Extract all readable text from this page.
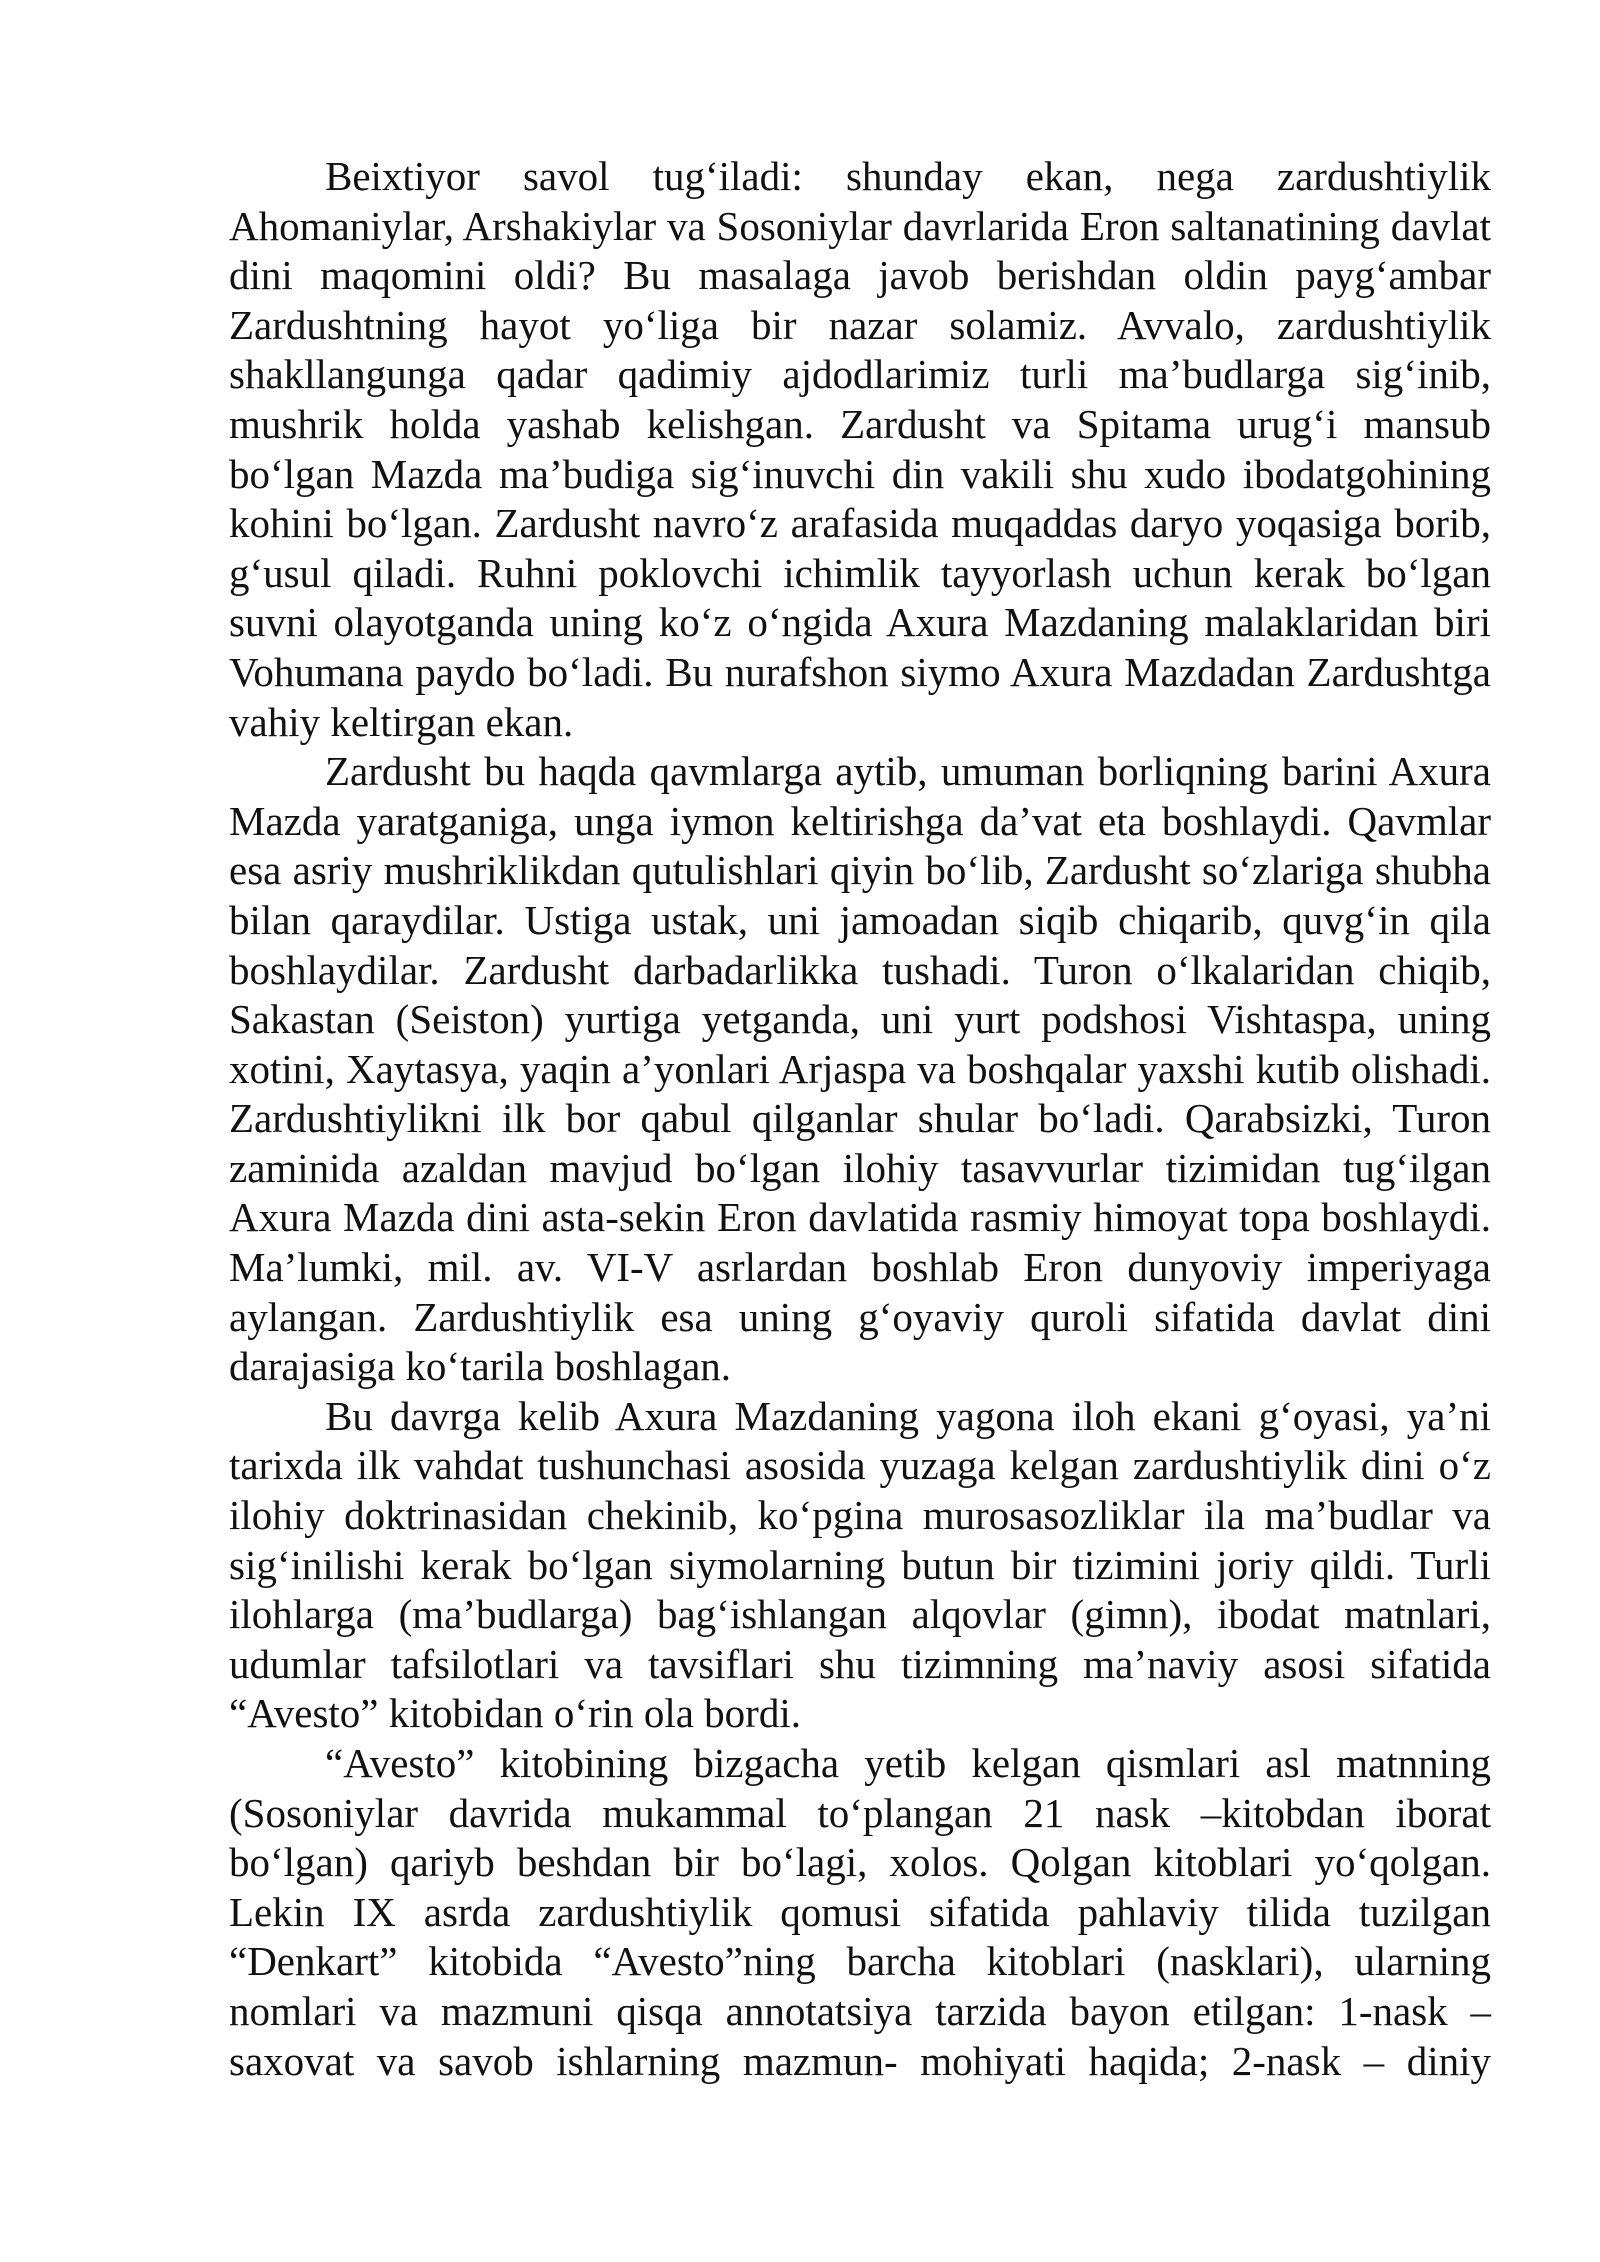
Beixtiyor savol tug‘iladi: shunday ekan, nega zardushtiylik Ahomaniylar, Arshakiylar va Sosoniylar davrlarida Eron saltanatining davlat dini maqomini oldi? Bu masalaga javob berishdan oldin payg‘ambar Zardushtning hayot yo‘liga bir nazar solamiz. Avvalo, zardushtiylik shakllangunga qadar qadimiy ajdodlarimiz turli ma’budlarga sig‘inib, mushrik holda yashab kelishgan. Zardusht va Spitama urug‘i mansub bo‘lgan Mazda ma’budiga sig‘inuvchi din vakili shu xudo ibodatgohining kohini bo‘lgan. Zardusht navro‘z arafasida muqaddas daryo yoqasiga borib, g‘usul qiladi. Ruhni poklovchi ichimlik tayyorlash uchun kerak bo‘lgan suvni olayotganda uning ko‘z o‘ngida Axura Mazdaning malaklaridan biri Vohumana paydo bo‘ladi. Bu nurafshon siymo Axura Mazdadan Zardushtga vahiy keltirgan ekan.

Zardusht bu haqda qavmlarga aytib, umuman borliqning barini Axura Mazda yaratganiga, unga iymon keltirishga da’vat eta boshlaydi. Qavmlar esa asriy mushriklikdan qutulishlari qiyin bo‘lib, Zardusht so‘zlariga shubha bilan qaraydilar. Ustiga ustak, uni jamoadan siqib chiqarib, quvg‘in qila boshlaydilar. Zardusht darbadarlikka tushadi. Turon o‘lkalaridan chiqib, Sakastan (Seiston) yurtiga yetganda, uni yurt podshosi Vishtaspa, uning xotini, Xaytasya, yaqin a’yonlari Arjaspa va boshqalar yaxshi kutib olishadi. Zardushtiylikni ilk bor qabul qilganlar shular bo‘ladi. Qarabsizki, Turon zaminida azaldan mavjud bo‘lgan ilohiy tasavvurlar tizimidan tug‘ilgan Axura Mazda dini asta-sekin Eron davlatida rasmiy himoyat topa boshlaydi. Ma’lumki, mil. av. VI-V asrlardan boshlab Eron dunyoviy imperiyaga aylangan. Zardushtiylik esa uning g‘oyaviy quroli sifatida davlat dini darajasiga ko‘tarila boshlagan.

Bu davrga kelib Axura Mazdaning yagona iloh ekani g‘oyasi, ya’ni tarixda ilk vahdat tushunchasi asosida yuzaga kelgan zardushtiylik dini o‘z ilohiy doktrinasidan chekinib, ko‘pgina murosasozliklar ila ma’budlar va sig‘inilishi kerak bo‘lgan siymolarning butun bir tizimini joriy qildi. Turli ilohlarga (ma’budlarga) bag‘ishlangan alqovlar (gimn), ibodat matnlari, udumlar tafsilotlari va tavsiflari shu tizimning ma’naviy asosi sifatida “Avesto” kitobidan o‘rin ola bordi.

“Avesto” kitobining bizgacha yetib kelgan qismlari asl matnning (Sosoniylar davrida mukammal to‘plangan 21 nask –kitobdan iborat bo‘lgan) qariyb beshdan bir bo‘lagi, xolos. Qolgan kitoblari yo‘qolgan. Lekin IX asrda zardushtiylik qomusi sifatida pahlaviy tilida tuzilgan “Denkart” kitobida “Avesto”ning barcha kitoblari (nasklari), ularning nomlari va mazmuni qisqa annotatsiya tarzida bayon etilgan: 1-nask – saxovat va savob ishlarning mazmun- mohiyati haqida; 2-nask – diniy
